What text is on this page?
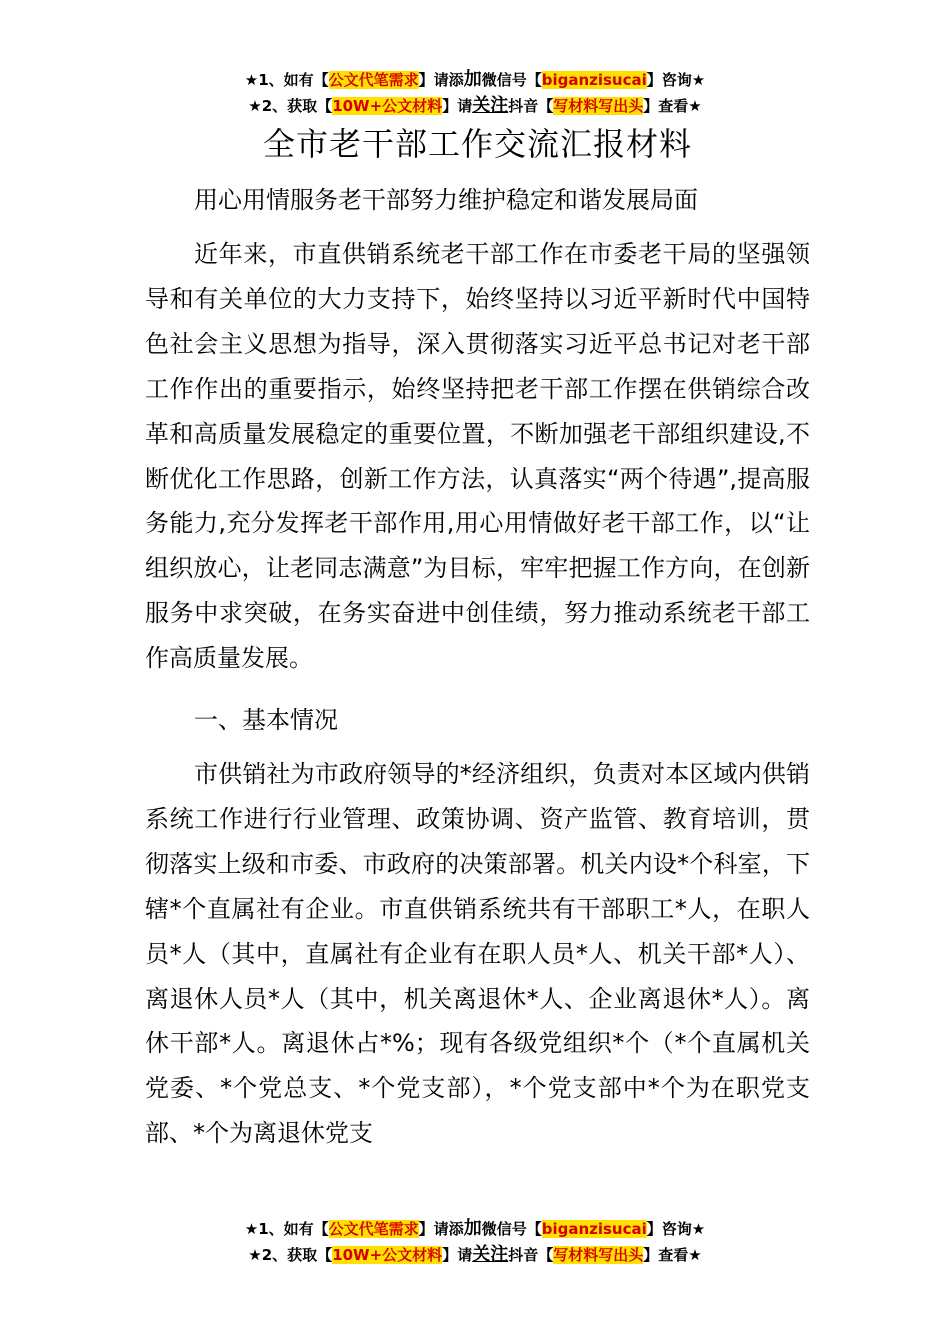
★1、如有【公文代笔需求】请添加微信号【biganzisucai】咨询★
★2、获取【10W+公文材料】请关注抖音【写材料写出头】查看★
全市老干部工作交流汇报材料

用心用情服务老干部努力维护稳定和谐发展局面

近年来，市直供销系统老干部工作在市委老干局的坚强领导和有关单位的大力支持下，始终坚持以习近平新时代中国特色社会主义思想为指导，深入贯彻落实习近平总书记对老干部工作作出的重要指示，始终坚持把老干部工作摆在供销综合改革和高质量发展稳定的重要位置，不断加强老干部组织建设,不断优化工作思路，创新工作方法，认真落实“两个待遇”,提高服务能力,充分发挥老干部作用,用心用情做好老干部工作，以“让组织放心，让老同志满意”为目标，牢牢把握工作方向，在创新服务中求突破，在务实奋进中创佳绩，努力推动系统老干部工作高质量发展。

一、基本情况

市供销社为市政府领导的*经济组织，负责对本区域内供销系统工作进行行业管理、政策协调、资产监管、教育培训，贯彻落实上级和市委、市政府的决策部署。机关内设*个科室，下辖*个直属社有企业。市直供销系统共有干部职工*人，在职人员*人（其中，直属社有企业有在职人员*人、机关干部*人）、离退休人员*人（其中，机关离退休*人、企业离退休*人）。离休干部*人。离退休占*%；现有各级党组织*个（*个直属机关党委、*个党总支、*个党支部），*个党支部中*个为在职党支部、*个为离退休党支

★1、如有【公文代笔需求】请添加微信号【biganzisucai】咨询★
★2、获取【10W+公文材料】请关注抖音【写材料写出头】查看★
